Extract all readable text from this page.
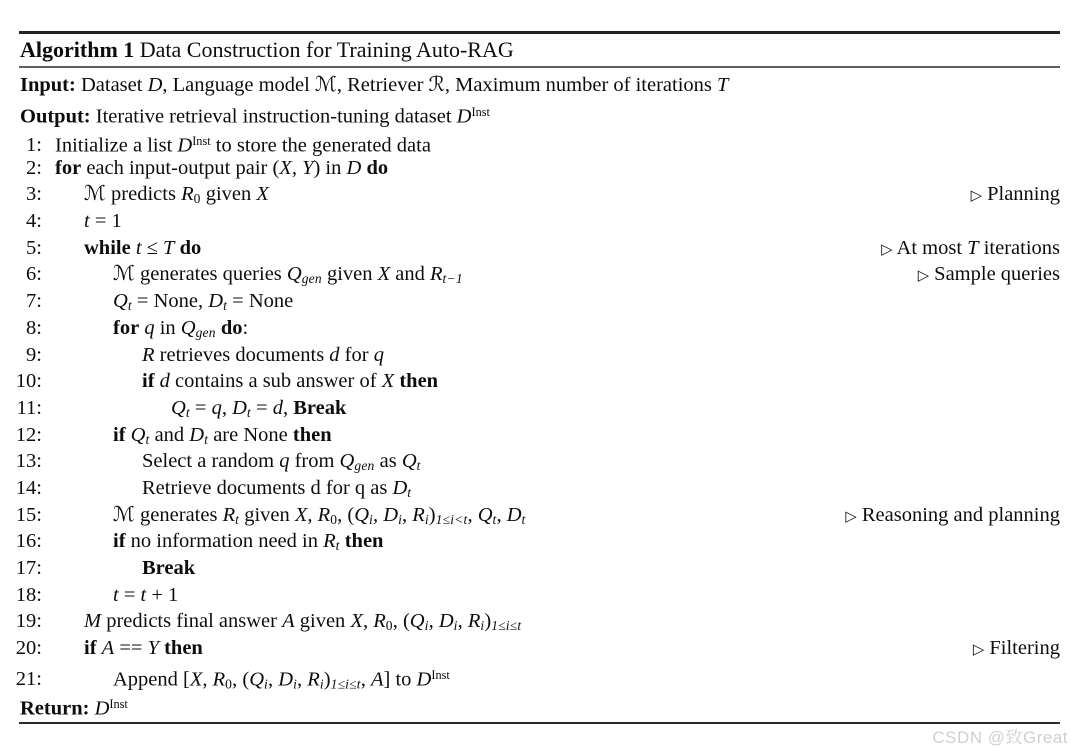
Algorithm 1 Data Construction for Training Auto-RAG
Input: Dataset D, Language model ℳ, Retriever ℛ, Maximum number of iterations T
Output: Iterative retrieval instruction-tuning dataset $D^{Inst}$
1: Initialize a list $D^{Inst}$ to store the generated data
2: for each input-output pair (X, Y) in D do
3:	ℳ predicts R0 given X	▷ Planning
4:	t = 1
5:	while t ≤ T do	▷ At most T iterations
6:	ℳ generates queries Qgen given X and Rt−1	▷ Sample queries
7:	Qt = None, Dt = None
8:	for q in Qgen do:
9:	R retrieves documents d for q
10:	if d contains a sub answer of X then
11:	Qt = q, Dt = d, Break
12:	if Qt and Dt are None then
13:	Select a random q from Qgen as Qt
14:	Retrieve documents d for q as Dt
15:	ℳ generates Rt given X, R0, (Qi, Di, Ri)1≤i<t, Qt, Dt	▷ Reasoning and planning
16:	if no information need in Rt then
17:	Break
18:	t = t + 1
19:	M predicts final answer A given X, R0, (Qi, Di, Ri)1≤i≤t
20:	if A == Y then	▷ Filtering
21:	Append [X, R0, (Qi, Di, Ri)1≤i≤t, A] to $D^{Inst}$
Return: $D^{Inst}$
CSDN @致Great
